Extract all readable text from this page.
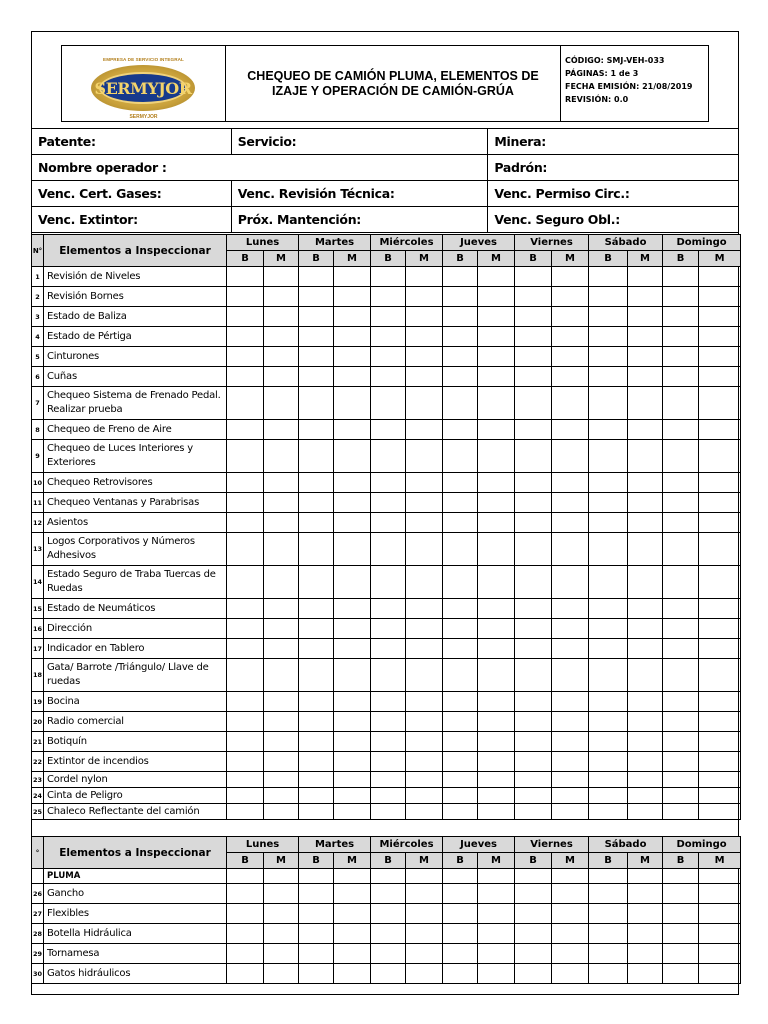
EMPRESA DE SERVICIO INTEGRAL
SERMYJOR
SERMYJOR
CHEQUEO DE CAMIÓN PLUMA, ELEMENTOS DE IZAJE Y OPERACIÓN DE CAMIÓN-GRÚA
CÓDIGO: SMJ-VEH-033
PÁGINAS: 1 de 3
FECHA EMISIÓN: 21/08/2019
REVISIÓN: 0.0
Patente:	Servicio:	Minera:
Nombre operador :		Padrón:
Venc. Cert. Gases:	Venc. Revisión Técnica:	Venc. Permiso Circ.:
Venc. Extintor:	Próx. Mantención:	Venc. Seguro Obl.:
N°	Elementos a Inspeccionar	Lunes		Martes		Miércoles		Jueves		Viernes		Sábado		Domingo	
		B	M	B	M	B	M	B	M	B	M	B	M	B	M
1	Revisión de Niveles														
2	Revisión Bornes														
3	Estado de Baliza														
4	Estado de Pértiga														
5	Cinturones														
6	Cuñas														
7	Chequeo Sistema de Frenado Pedal. Realizar prueba														
8	Chequeo de Freno de Aire														
9	Chequeo de Luces Interiores y Exteriores														
10	Chequeo Retrovisores														
11	Chequeo Ventanas y Parabrisas														
12	Asientos														
13	Logos Corporativos y Números Adhesivos														
14	Estado Seguro de Traba Tuercas de Ruedas														
15	Estado de Neumáticos														
16	Dirección														
17	Indicador en Tablero														
18	Gata/ Barrote /Triángulo/ Llave de ruedas														
19	Bocina														
20	Radio comercial														
21	Botiquín														
22	Extintor de incendios														
23	Cordel nylon														
24	Cinta de Peligro														
25	Chaleco Reflectante del camión														
°	Elementos a Inspeccionar	Lunes		Martes		Miércoles		Jueves		Viernes		Sábado		Domingo	
		B	M	B	M	B	M	B	M	B	M	B	M	B	M
	PLUMA														
26	Gancho														
27	Flexibles														
28	Botella Hidráulica														
29	Tornamesa														
30	Gatos hidráulicos														
